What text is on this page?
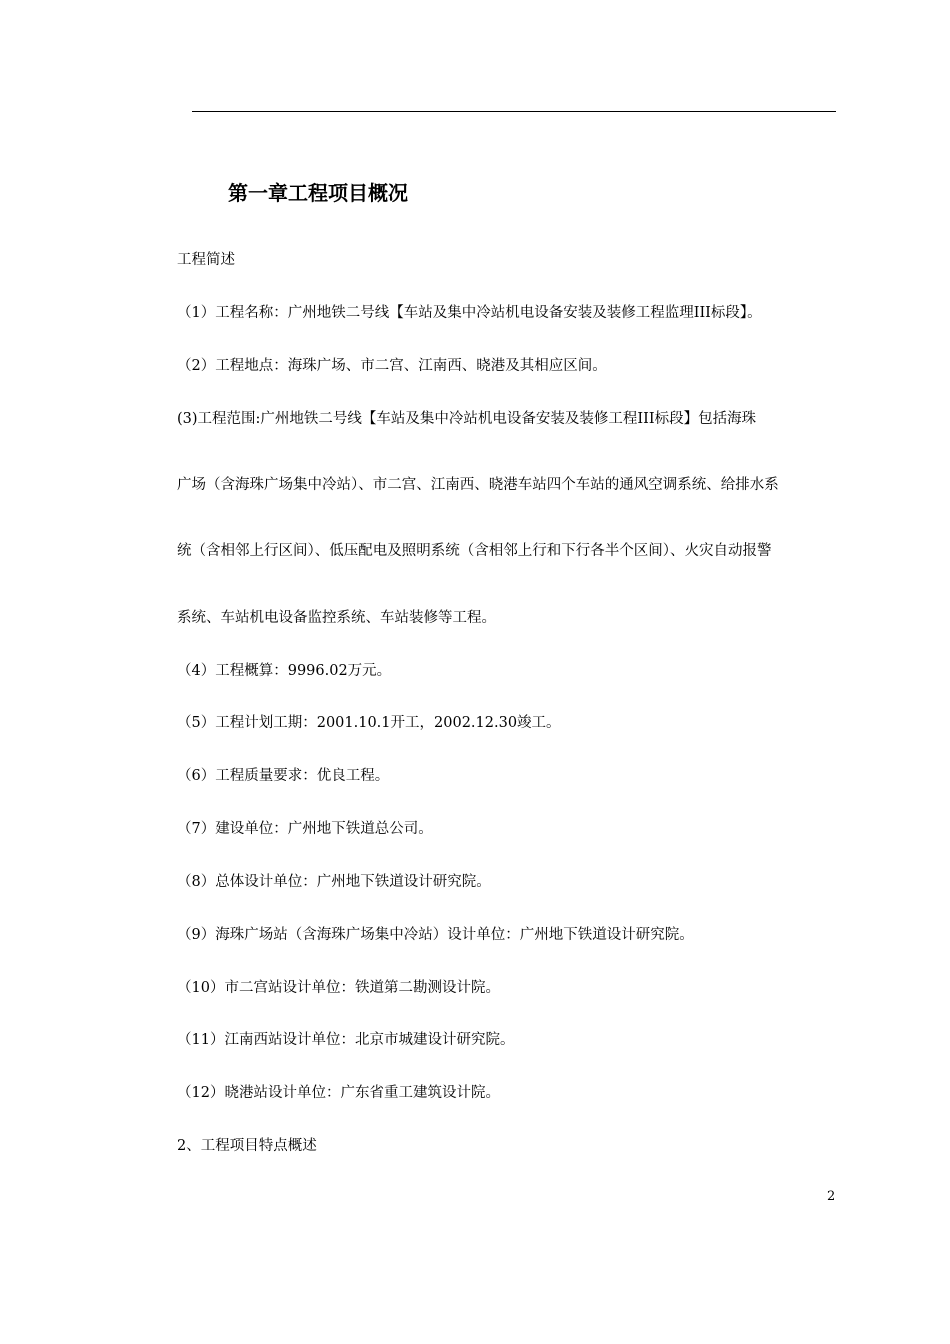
第一章工程项目概况

工程简述

（1）工程名称：广州地铁二号线【车站及集中冷站机电设备安装及装修工程监理III标段】。

（2）工程地点：海珠广场、市二宫、江南西、晓港及其相应区间。

(3)工程范围:广州地铁二号线【车站及集中冷站机电设备安装及装修工程III标段】包括海珠

广场（含海珠广场集中冷站）、市二宫、江南西、晓港车站四个车站的通风空调系统、给排水系

统（含相邻上行区间）、低压配电及照明系统（含相邻上行和下行各半个区间）、火灾自动报警

系统、车站机电设备监控系统、车站装修等工程。

（4）工程概算：9996.02万元。

（5）工程计划工期：2001.10.1开工，2002.12.30竣工。

（6）工程质量要求：优良工程。

（7）建设单位：广州地下铁道总公司。

（8）总体设计单位：广州地下铁道设计研究院。

（9）海珠广场站（含海珠广场集中冷站）设计单位：广州地下铁道设计研究院。

（10）市二宫站设计单位：铁道第二勘测设计院。

（11）江南西站设计单位：北京市城建设计研究院。

（12）晓港站设计单位：广东省重工建筑设计院。

2、工程项目特点概述

2
